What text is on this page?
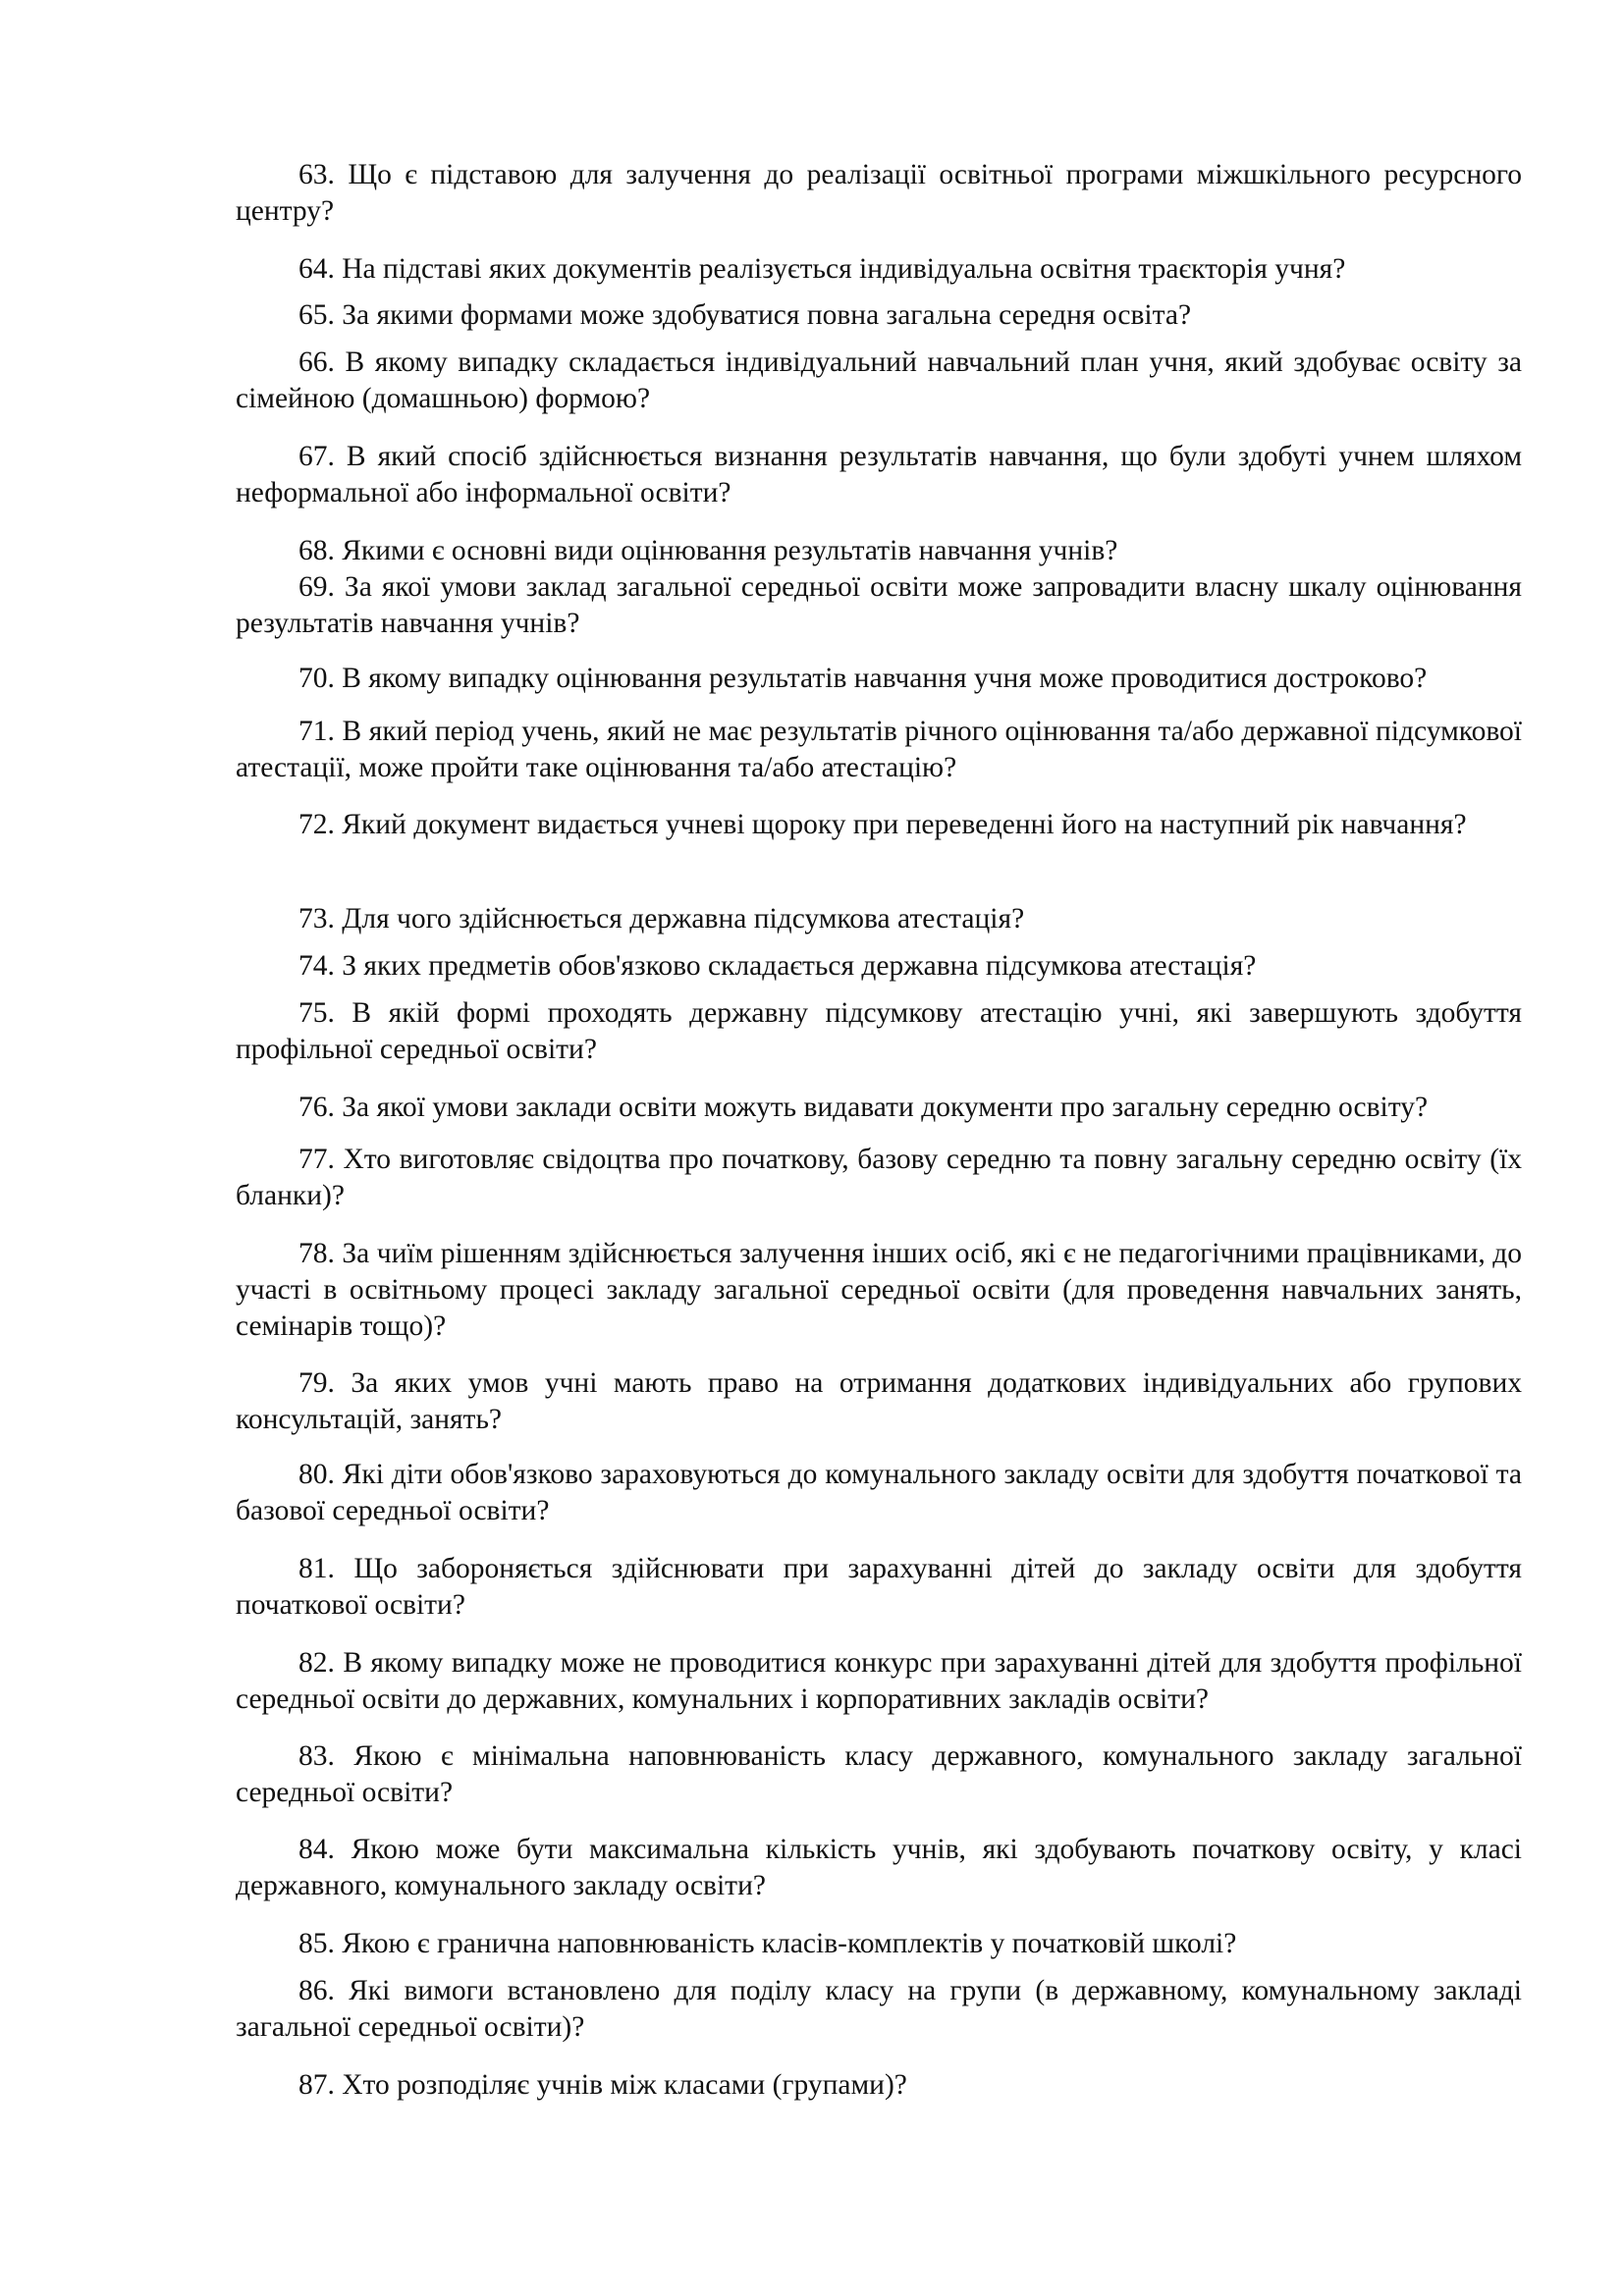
63. Що є підставою для залучення до реалізації освітньої програми міжшкільного ресурсного центру?

64. На підставі яких документів реалізується індивідуальна освітня траєкторія учня?

65. За якими формами може здобуватися повна загальна середня освіта?

66. В якому випадку складається індивідуальний навчальний план учня, який здобуває освіту за сімейною (домашньою) формою?

67. В який спосіб здійснюється визнання результатів навчання, що були здобуті учнем шляхом неформальної або інформальної освіти?

68. Якими є основні види оцінювання результатів навчання учнів?

69. За якої умови заклад загальної середньої освіти може запровадити власну шкалу оцінювання результатів навчання учнів?

70. В якому випадку оцінювання результатів навчання учня може проводитися достроково?

71. В який період учень, який не має результатів річного оцінювання та/або державної підсумкової атестації, може пройти таке оцінювання та/або атестацію?

72. Який документ видається учневі щороку при переведенні його на наступний рік навчання?

73. Для чого здійснюється державна підсумкова атестація?

74. З яких предметів обов'язково складається державна підсумкова атестація?

75. В якій формі проходять державну підсумкову атестацію учні, які завершують здобуття профільної середньої освіти?

76. За якої умови заклади освіти можуть видавати документи про загальну середню освіту?

77. Хто виготовляє свідоцтва про початкову, базову середню та повну загальну середню освіту (їх бланки)?

78. За чиїм рішенням здійснюється залучення інших осіб, які є не педагогічними працівниками, до участі в освітньому процесі закладу загальної середньої освіти (для проведення навчальних занять, семінарів тощо)?

79. За яких умов учні мають право на отримання додаткових індивідуальних або групових консультацій, занять?

80. Які діти обов'язково зараховуються до комунального закладу освіти для здобуття початкової та базової середньої освіти?

81. Що забороняється здійснювати при зарахуванні дітей до закладу освіти для здобуття початкової освіти?

82. В якому випадку може не проводитися конкурс при зарахуванні дітей для здобуття профільної середньої освіти до державних, комунальних і корпоративних закладів освіти?

83. Якою є мінімальна наповнюваність класу державного, комунального закладу загальної середньої освіти?

84. Якою може бути максимальна кількість учнів, які здобувають початкову освіту, у класі державного, комунального закладу освіти?

85. Якою є гранична наповнюваність класів-комплектів у початковій школі?

86. Які вимоги встановлено для поділу класу на групи (в державному, комунальному закладі загальної середньої освіти)?

87. Хто розподіляє учнів між класами (групами)?
